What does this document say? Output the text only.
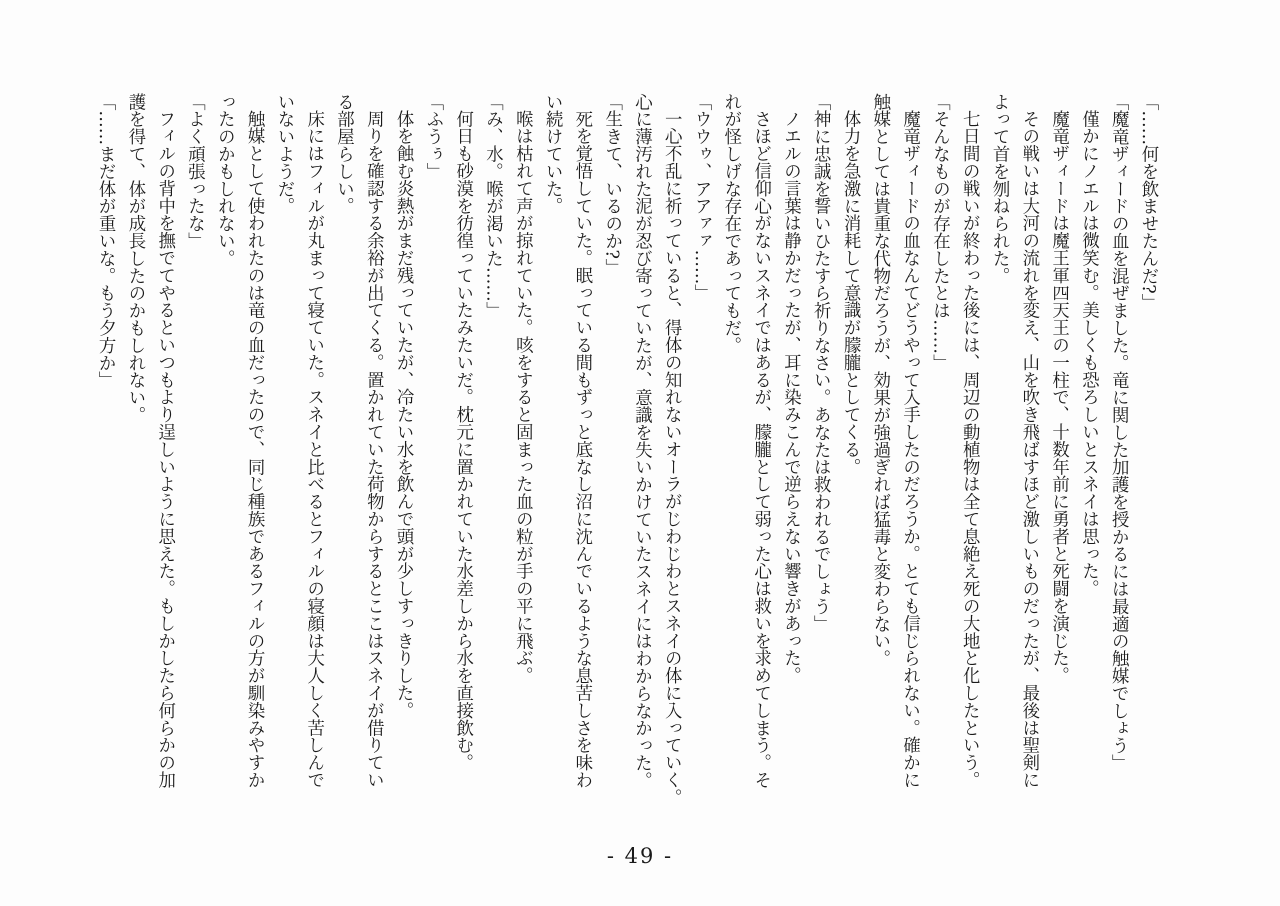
「……何を飲ませたんだ?」
「魔竜ザィードの血を混ぜました。竜に関した加護を授かるには最適の触媒でしょう」
僅かにノエルは微笑む。美しくも恐ろしいとスネイは思った。
魔竜ザィードは魔王軍四天王の一柱で、十数年前に勇者と死闘を演じた。
その戦いは大河の流れを変え、山を吹き飛ばすほど激しいものだったが、最後は聖剣に
よって首を刎ねられた。
七日間の戦いが終わった後には、周辺の動植物は全て息絶え死の大地と化したという。
「そんなものが存在したとは……」
魔竜ザィードの血なんてどうやって入手したのだろうか。とても信じられない。確かに
触媒としては貴重な代物だろうが、効果が強過ぎれば猛毒と変わらない。
体力を急激に消耗して意識が朦朧としてくる。
「神に忠誠を誓いひたすら祈りなさい。あなたは救われるでしょう」
ノエルの言葉は静かだったが、耳に染みこんで逆らえない響きがあった。
さほど信仰心がないスネイではあるが、朦朧として弱った心は救いを求めてしまう。そ
れが怪しげな存在であってもだ。
「ウウゥ、アアァァ……」
一心不乱に祈っていると、得体の知れないオーラがじわじわとスネイの体に入っていく。
心に薄汚れた泥が忍び寄っていたが、意識を失いかけていたスネイにはわからなかった。
「生きて、いるのか?」
死を覚悟していた。眠っている間もずっと底なし沼に沈んでいるような息苦しさを味わ
い続けていた。
喉は枯れて声が掠れていた。咳をすると固まった血の粒が手の平に飛ぶ。
「み、水。喉が渇いた……」
何日も砂漠を彷徨っていたみたいだ。枕元に置かれていた水差しから水を直接飲む。
「ふうぅ」
体を蝕む炎熱がまだ残っていたが、冷たい水を飲んで頭が少しすっきりした。
周りを確認する余裕が出てくる。置かれていた荷物からするとここはスネイが借りてい
る部屋らしい。
床にはフィルが丸まって寝ていた。スネイと比べるとフィルの寝顔は大人しく苦しんで
いないようだ。
触媒として使われたのは竜の血だったので、同じ種族であるフィルの方が馴染みやすか
ったのかもしれない。
「よく頑張ったな」
フィルの背中を撫でてやるといつもより逞しいように思えた。もしかしたら何らかの加
護を得て、体が成長したのかもしれない。
「……まだ体が重いな。もう夕方か」
- 49 -
